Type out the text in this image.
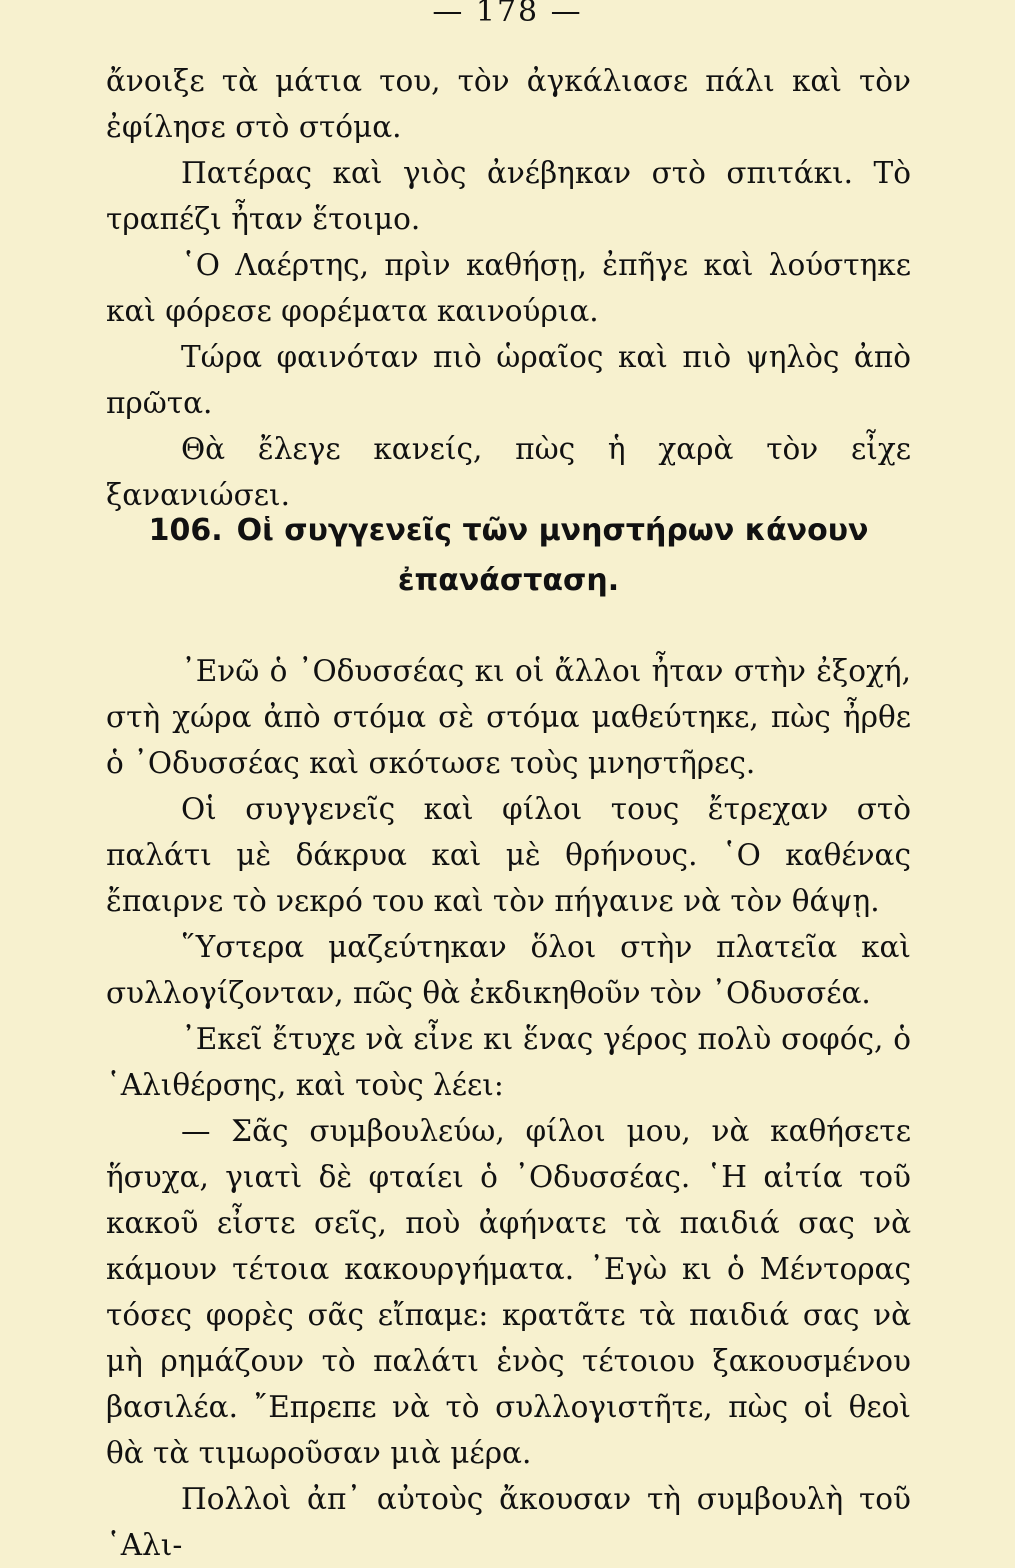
— 178 —

ἄνοιξε τὰ μάτια του, τὸν ἀγκάλιασε πάλι καὶ τὸν ἐφίλησε στὸ στόμα.

Πατέρας καὶ γιὸς ἀνέβηκαν στὸ σπιτάκι. Τὸ τραπέζι ἦταν ἕτοιμο.

῾Ο Λαέρτης, πρὶν καθήσῃ, ἐπῆγε καὶ λούστηκε καὶ φόρεσε φορέματα καινούρια.

Τώρα φαινόταν πιὸ ὡραῖος καὶ πιὸ ψηλὸς ἀπὸ πρῶτα.

Θὰ ἔλεγε κανείς, πὼς ἡ χαρὰ τὸν εἶχε ξανανιώσει.

106. Οἱ συγγενεῖς τῶν μνηστήρων κάνουν
ἐπανάσταση.

᾿Ενῶ ὁ ᾿Οδυσσέας κι οἱ ἄλλοι ἦταν στὴν ἐξοχή, στὴ χώρα ἀπὸ στόμα σὲ στόμα μαθεύτηκε, πὼς ἦρθε ὁ ᾿Οδυσσέας καὶ σκότωσε τοὺς μνηστῆρες.

Οἱ συγγενεῖς καὶ φίλοι τους ἔτρεχαν στὸ παλάτι μὲ δάκρυα καὶ μὲ θρήνους. ῾Ο καθένας ἔπαιρνε τὸ νεκρό του καὶ τὸν πήγαινε νὰ τὸν θάψῃ.

῞Υστερα μαζεύτηκαν ὅλοι στὴν πλατεῖα καὶ συλλογίζονταν, πῶς θὰ ἐκδικηθοῦν τὸν ᾿Οδυσσέα.

᾿Εκεῖ ἔτυχε νὰ εἶνε κι ἕνας γέρος πολὺ σοφός, ὁ ῾Αλιθέρσης, καὶ τοὺς λέει:

— Σᾶς συμβουλεύω, φίλοι μου, νὰ καθήσετε ἥσυχα, γιατὶ δὲ φταίει ὁ ᾿Οδυσσέας. ῾Η αἰτία τοῦ κακοῦ εἶστε σεῖς, ποὺ ἀφήνατε τὰ παιδιά σας νὰ κάμουν τέτοια κακουργήματα. ᾿Εγὼ κι ὁ Μέντορας τόσες φορὲς σᾶς εἴπαμε: κρατᾶτε τὰ παιδιά σας νὰ μὴ ρημάζουν τὸ παλάτι ἑνὸς τέτοιου ξακουσμένου βασιλέα. ῎Επρεπε νὰ τὸ συλλογιστῆτε, πὼς οἱ θεοὶ θὰ τὰ τιμωροῦσαν μιὰ μέρα.

Πολλοὶ ἀπ᾿ αὐτοὺς ἄκουσαν τὴ συμβουλὴ τοῦ ῾Αλι-
